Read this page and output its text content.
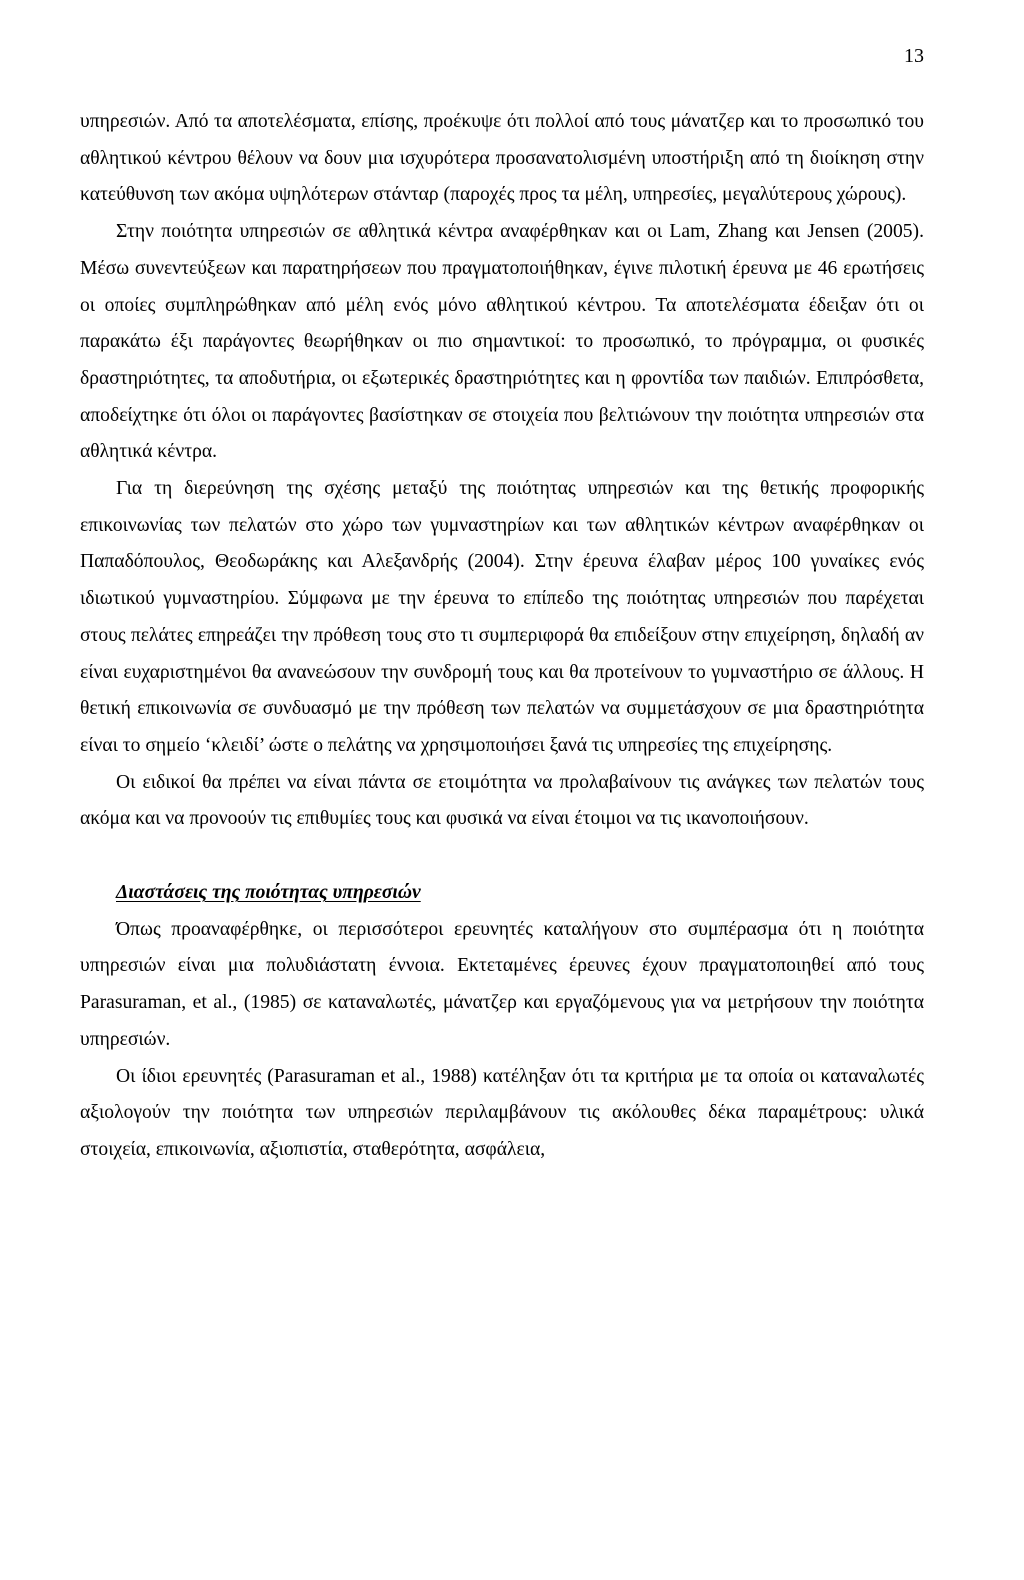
13

υπηρεσιών. Από τα αποτελέσματα, επίσης, προέκυψε ότι πολλοί από τους μάνατζερ και το προσωπικό του αθλητικού κέντρου θέλουν να δουν μια ισχυρότερα προσανατολισμένη υποστήριξη από τη διοίκηση στην κατεύθυνση των ακόμα υψηλότερων στάνταρ (παροχές προς τα μέλη, υπηρεσίες, μεγαλύτερους χώρους).

Στην ποιότητα υπηρεσιών σε αθλητικά κέντρα αναφέρθηκαν και οι Lam, Zhang και Jensen (2005). Μέσω συνεντεύξεων και παρατηρήσεων που πραγματοποιήθηκαν, έγινε πιλοτική έρευνα με 46 ερωτήσεις οι οποίες συμπληρώθηκαν από μέλη ενός μόνο αθλητικού κέντρου. Τα αποτελέσματα έδειξαν ότι οι παρακάτω έξι παράγοντες θεωρήθηκαν οι πιο σημαντικοί: το προσωπικό, το πρόγραμμα, οι φυσικές δραστηριότητες, τα αποδυτήρια, οι εξωτερικές δραστηριότητες και η φροντίδα των παιδιών. Επιπρόσθετα, αποδείχτηκε ότι όλοι οι παράγοντες βασίστηκαν σε στοιχεία που βελτιώνουν την ποιότητα υπηρεσιών στα αθλητικά κέντρα.

Για τη διερεύνηση της σχέσης μεταξύ της ποιότητας υπηρεσιών και της θετικής προφορικής επικοινωνίας των πελατών στο χώρο των γυμναστηρίων και των αθλητικών κέντρων αναφέρθηκαν οι Παπαδόπουλος, Θεοδωράκης και Αλεξανδρής (2004). Στην έρευνα έλαβαν μέρος 100 γυναίκες ενός ιδιωτικού γυμναστηρίου. Σύμφωνα με την έρευνα το επίπεδο της ποιότητας υπηρεσιών που παρέχεται στους πελάτες επηρεάζει την πρόθεση τους στο τι συμπεριφορά θα επιδείξουν στην επιχείρηση, δηλαδή αν είναι ευχαριστημένοι θα ανανεώσουν την συνδρομή τους και θα προτείνουν το γυμναστήριο σε άλλους. Η θετική επικοινωνία σε συνδυασμό με την πρόθεση των πελατών να συμμετάσχουν σε μια δραστηριότητα είναι το σημείο ‘κλειδί’ ώστε ο πελάτης να χρησιμοποιήσει ξανά τις υπηρεσίες της επιχείρησης.

Οι ειδικοί θα πρέπει να είναι πάντα σε ετοιμότητα να προλαβαίνουν τις ανάγκες των πελατών τους ακόμα και να προνοούν τις επιθυμίες τους και φυσικά να είναι έτοιμοι να τις ικανοποιήσουν.

Διαστάσεις της ποιότητας υπηρεσιών

Όπως προαναφέρθηκε, οι περισσότεροι ερευνητές καταλήγουν στο συμπέρασμα ότι η ποιότητα υπηρεσιών είναι μια πολυδιάστατη έννοια. Εκτεταμένες έρευνες έχουν πραγματοποιηθεί από τους Parasuraman, et al., (1985) σε καταναλωτές, μάνατζερ και εργαζόμενους για να μετρήσουν την ποιότητα υπηρεσιών.

Οι ίδιοι ερευνητές (Parasuraman et al., 1988) κατέληξαν ότι τα κριτήρια με τα οποία οι καταναλωτές αξιολογούν την ποιότητα των υπηρεσιών περιλαμβάνουν τις ακόλουθες δέκα παραμέτρους: υλικά στοιχεία, επικοινωνία, αξιοπιστία, σταθερότητα, ασφάλεια,
